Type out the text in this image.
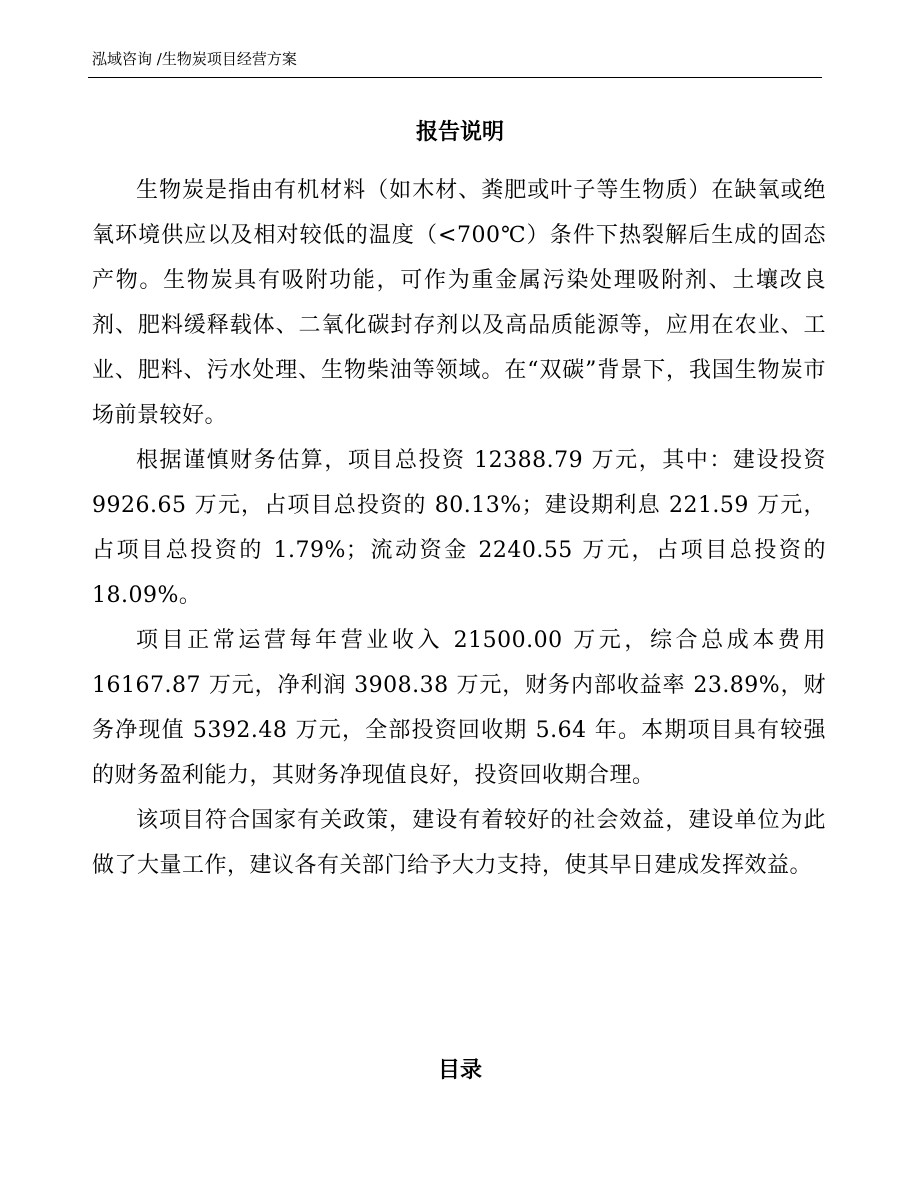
泓域咨询 /生物炭项目经营方案
报告说明

生物炭是指由有机材料（如木材、粪肥或叶子等生物质）在缺氧或绝氧环境供应以及相对较低的温度（<700℃）条件下热裂解后生成的固态产物。生物炭具有吸附功能，可作为重金属污染处理吸附剂、土壤改良剂、肥料缓释载体、二氧化碳封存剂以及高品质能源等，应用在农业、工业、肥料、污水处理、生物柴油等领域。在“双碳”背景下，我国生物炭市场前景较好。

根据谨慎财务估算，项目总投资 12388.79 万元，其中：建设投资 9926.65 万元，占项目总投资的 80.13%；建设期利息 221.59 万元，占项目总投资的 1.79%；流动资金 2240.55 万元，占项目总投资的 18.09%。

项目正常运营每年营业收入 21500.00 万元，综合总成本费用 16167.87 万元，净利润 3908.38 万元，财务内部收益率 23.89%，财务净现值 5392.48 万元，全部投资回收期 5.64 年。本期项目具有较强的财务盈利能力，其财务净现值良好，投资回收期合理。

该项目符合国家有关政策，建设有着较好的社会效益，建设单位为此做了大量工作，建议各有关部门给予大力支持，使其早日建成发挥效益。

目录
